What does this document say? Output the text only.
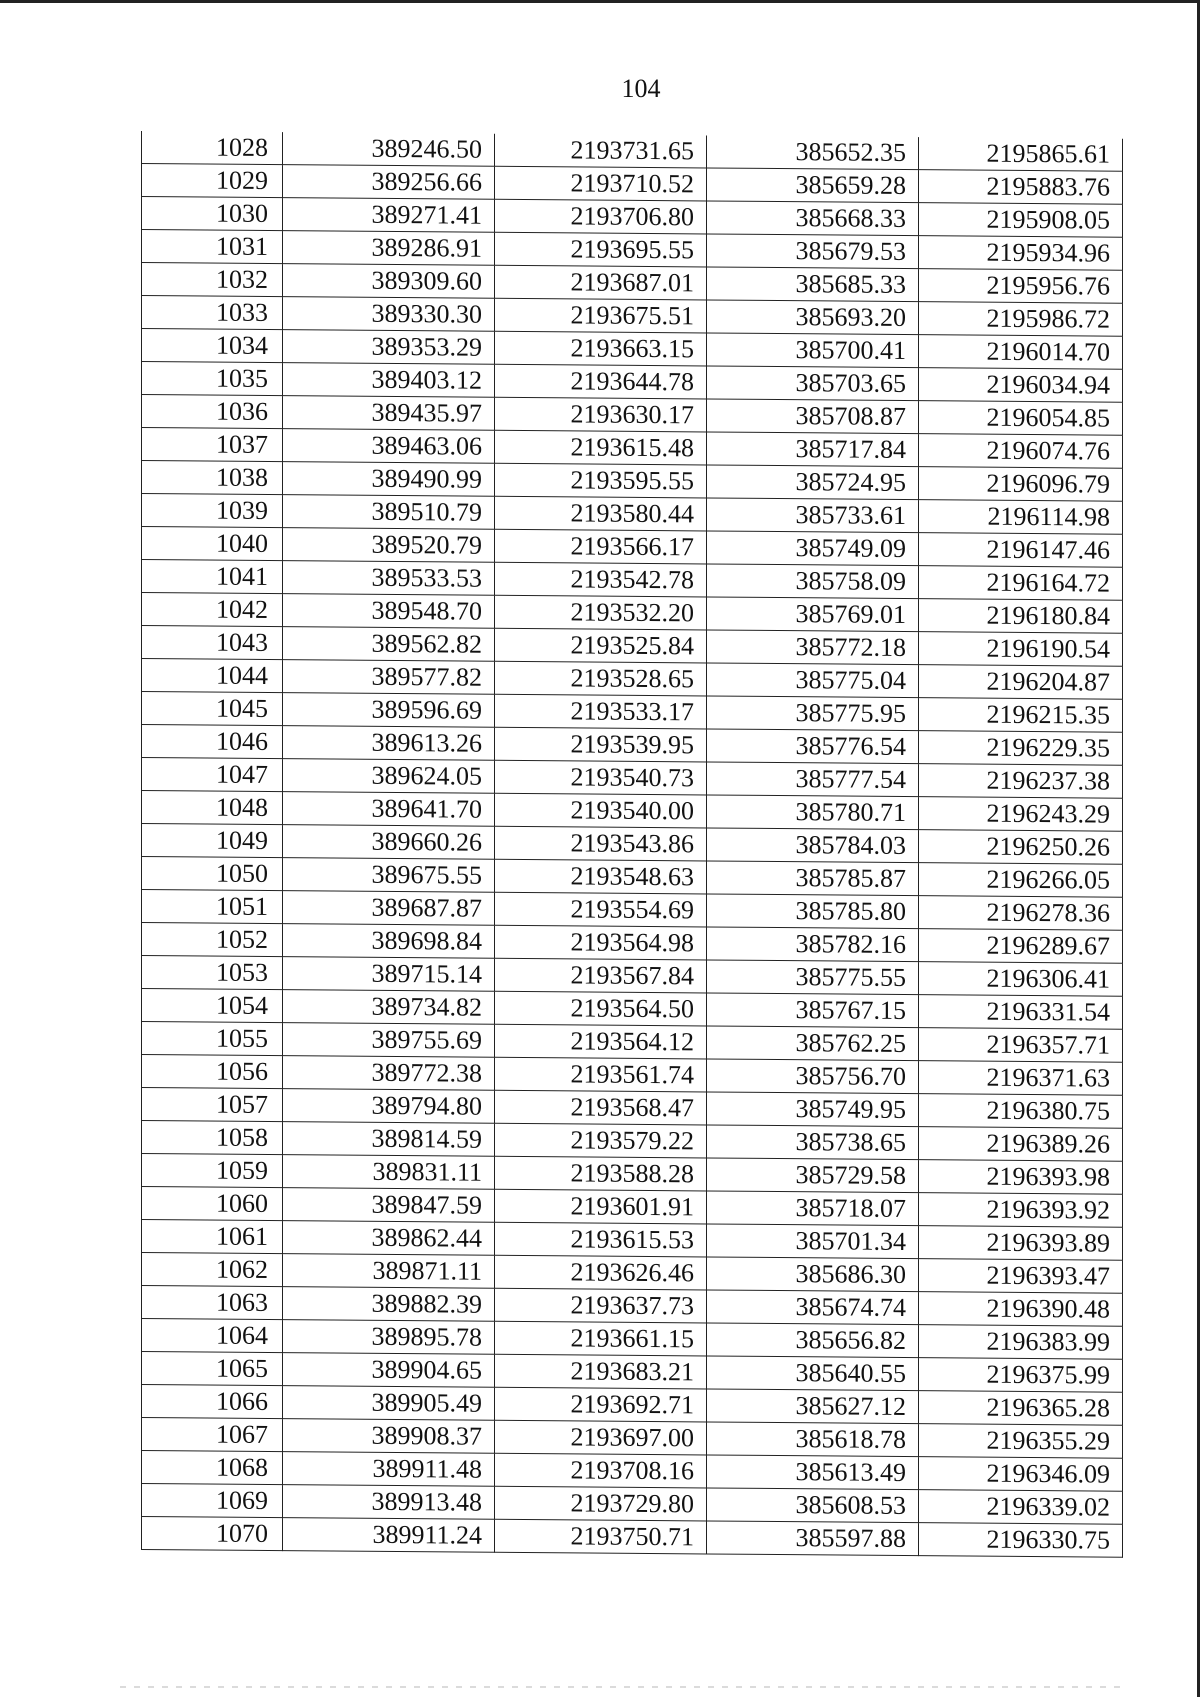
104
1028	389246.50	2193731.65	385652.35	2195865.61
1029	389256.66	2193710.52	385659.28	2195883.76
1030	389271.41	2193706.80	385668.33	2195908.05
1031	389286.91	2193695.55	385679.53	2195934.96
1032	389309.60	2193687.01	385685.33	2195956.76
1033	389330.30	2193675.51	385693.20	2195986.72
1034	389353.29	2193663.15	385700.41	2196014.70
1035	389403.12	2193644.78	385703.65	2196034.94
1036	389435.97	2193630.17	385708.87	2196054.85
1037	389463.06	2193615.48	385717.84	2196074.76
1038	389490.99	2193595.55	385724.95	2196096.79
1039	389510.79	2193580.44	385733.61	2196114.98
1040	389520.79	2193566.17	385749.09	2196147.46
1041	389533.53	2193542.78	385758.09	2196164.72
1042	389548.70	2193532.20	385769.01	2196180.84
1043	389562.82	2193525.84	385772.18	2196190.54
1044	389577.82	2193528.65	385775.04	2196204.87
1045	389596.69	2193533.17	385775.95	2196215.35
1046	389613.26	2193539.95	385776.54	2196229.35
1047	389624.05	2193540.73	385777.54	2196237.38
1048	389641.70	2193540.00	385780.71	2196243.29
1049	389660.26	2193543.86	385784.03	2196250.26
1050	389675.55	2193548.63	385785.87	2196266.05
1051	389687.87	2193554.69	385785.80	2196278.36
1052	389698.84	2193564.98	385782.16	2196289.67
1053	389715.14	2193567.84	385775.55	2196306.41
1054	389734.82	2193564.50	385767.15	2196331.54
1055	389755.69	2193564.12	385762.25	2196357.71
1056	389772.38	2193561.74	385756.70	2196371.63
1057	389794.80	2193568.47	385749.95	2196380.75
1058	389814.59	2193579.22	385738.65	2196389.26
1059	389831.11	2193588.28	385729.58	2196393.98
1060	389847.59	2193601.91	385718.07	2196393.92
1061	389862.44	2193615.53	385701.34	2196393.89
1062	389871.11	2193626.46	385686.30	2196393.47
1063	389882.39	2193637.73	385674.74	2196390.48
1064	389895.78	2193661.15	385656.82	2196383.99
1065	389904.65	2193683.21	385640.55	2196375.99
1066	389905.49	2193692.71	385627.12	2196365.28
1067	389908.37	2193697.00	385618.78	2196355.29
1068	389911.48	2193708.16	385613.49	2196346.09
1069	389913.48	2193729.80	385608.53	2196339.02
1070	389911.24	2193750.71	385597.88	2196330.75
